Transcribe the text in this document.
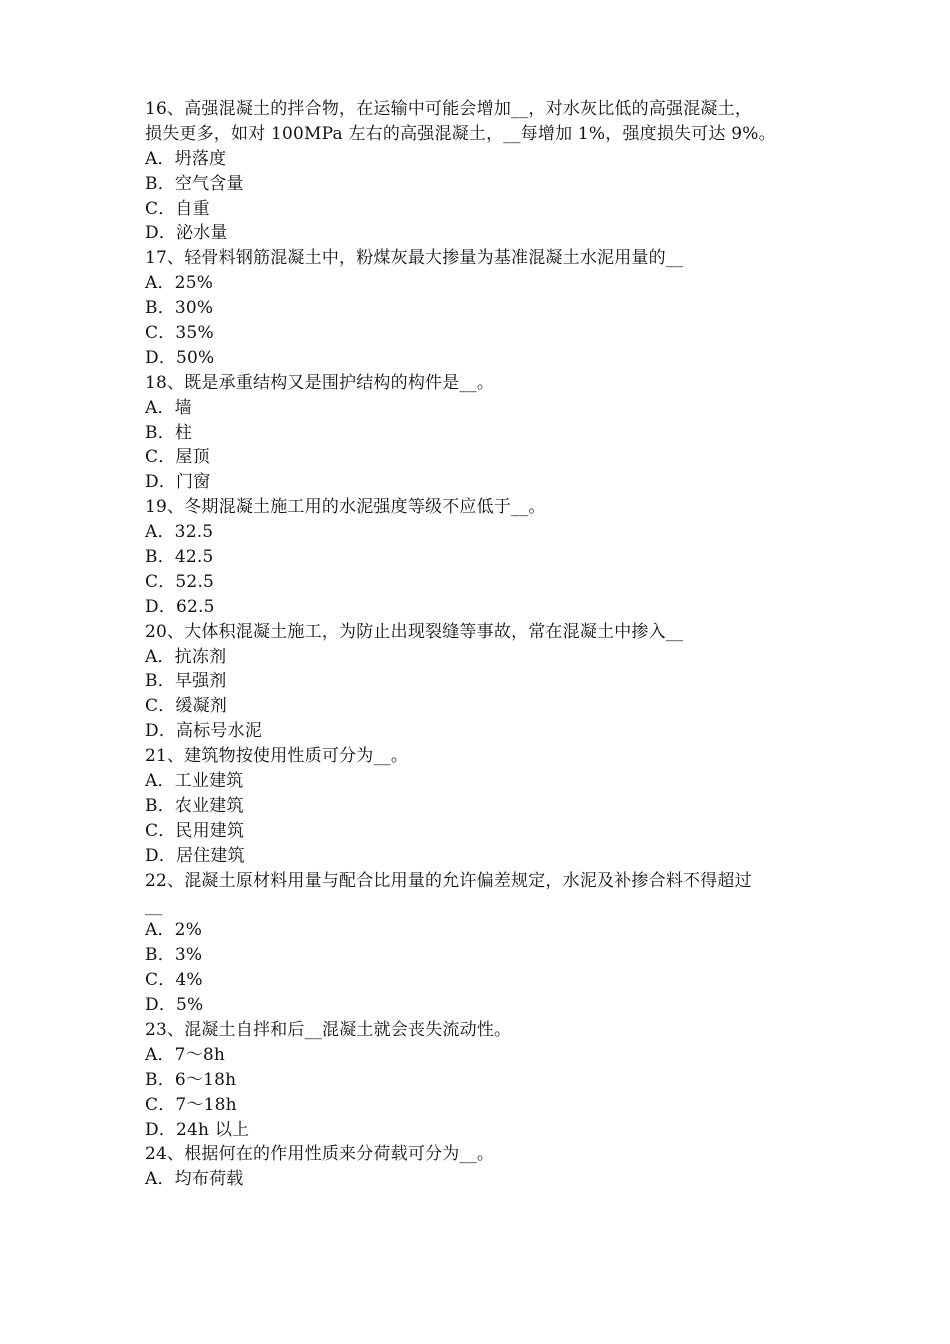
16、高强混凝土的拌合物，在运输中可能会增加__，对水灰比低的高强混凝土，
损失更多，如对 100MPa 左右的高强混凝土，__每增加 1%，强度损失可达 9%。
A．坍落度
B．空气含量
C．自重
D．泌水量
17、轻骨料钢筋混凝土中，粉煤灰最大掺量为基准混凝土水泥用量的__
A．25%
B．30%
C．35%
D．50%
18、既是承重结构又是围护结构的构件是__。
A．墙
B．柱
C．屋顶
D．门窗
19、冬期混凝土施工用的水泥强度等级不应低于__。
A．32.5
B．42.5
C．52.5
D．62.5
20、大体积混凝土施工，为防止出现裂缝等事故，常在混凝土中掺入__
A．抗冻剂
B．早强剂
C．缓凝剂
D．高标号水泥
21、建筑物按使用性质可分为__。
A．工业建筑
B．农业建筑
C．民用建筑
D．居住建筑
22、混凝土原材料用量与配合比用量的允许偏差规定，水泥及补掺合料不得超过
__
A．2%
B．3%
C．4%
D．5%
23、混凝土自拌和后__混凝土就会丧失流动性。
A．7～8h
B．6～18h
C．7～18h
D．24h 以上
24、根据何在的作用性质来分荷载可分为__。
A．均布荷载
